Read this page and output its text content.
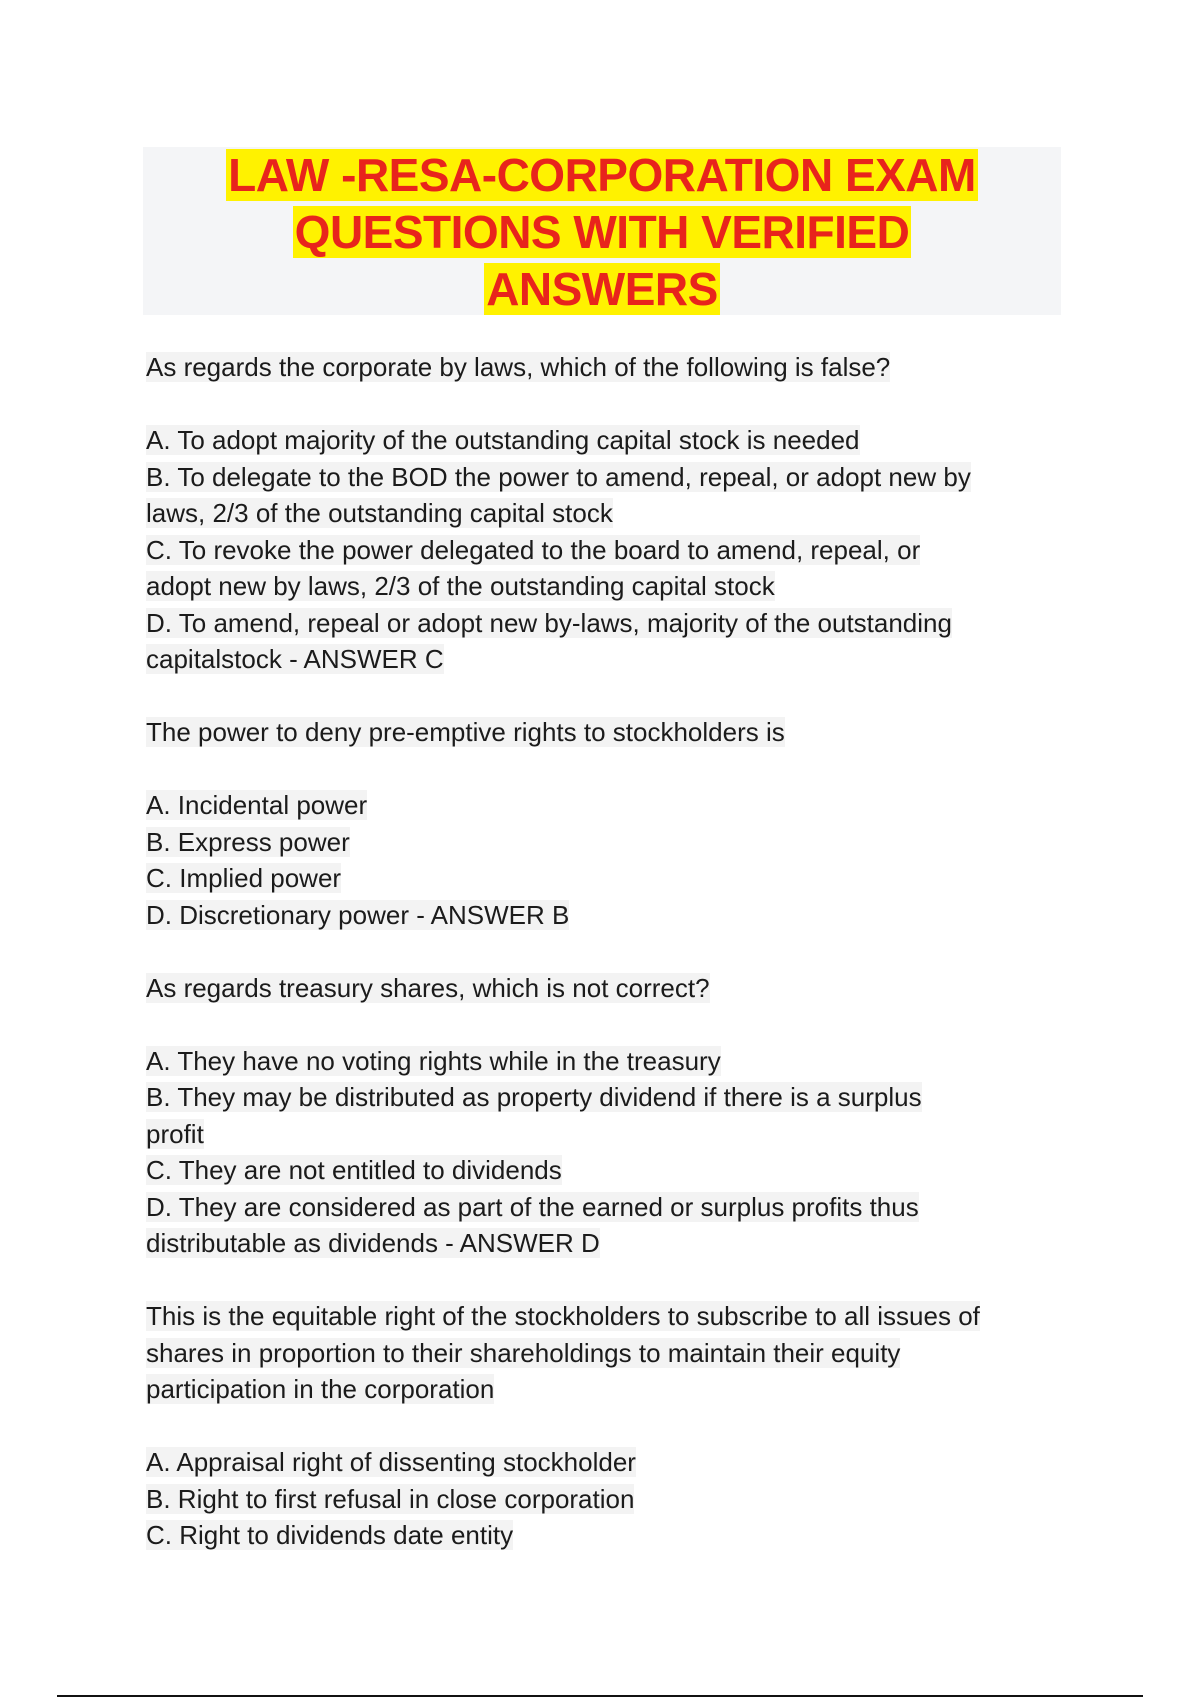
LAW -RESA-CORPORATION EXAM
QUESTIONS WITH VERIFIED
ANSWERS
As regards the corporate by laws, which of the following is false?
A. To adopt majority of the outstanding capital stock is needed
B. To delegate to the BOD the power to amend, repeal, or adopt new by
laws, 2/3 of the outstanding capital stock
C. To revoke the power delegated to the board to amend, repeal, or
adopt new by laws, 2/3 of the outstanding capital stock
D. To amend, repeal or adopt new by-laws, majority of the outstanding
capitalstock - ANSWER C
The power to deny pre-emptive rights to stockholders is
A. Incidental power
B. Express power
C. Implied power
D. Discretionary power - ANSWER B
As regards treasury shares, which is not correct?
A. They have no voting rights while in the treasury
B. They may be distributed as property dividend if there is a surplus
profit
C. They are not entitled to dividends
D. They are considered as part of the earned or surplus profits thus
distributable as dividends - ANSWER D
This is the equitable right of the stockholders to subscribe to all issues of
shares in proportion to their shareholdings to maintain their equity
participation in the corporation
A. Appraisal right of dissenting stockholder
B. Right to first refusal in close corporation
C. Right to dividends date entity
